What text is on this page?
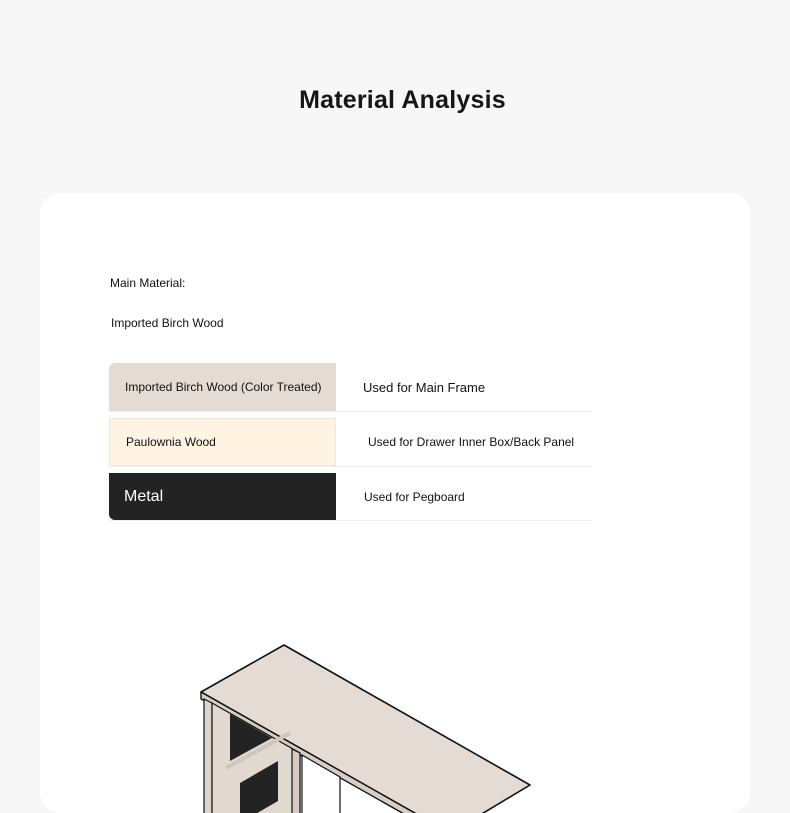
Material Analysis
Main Material:
Imported Birch Wood
Imported Birch Wood (Color Treated)	Used for Main Frame
Paulownia Wood	Used for Drawer Inner Box/Back Panel
Metal	Used for Pegboard
